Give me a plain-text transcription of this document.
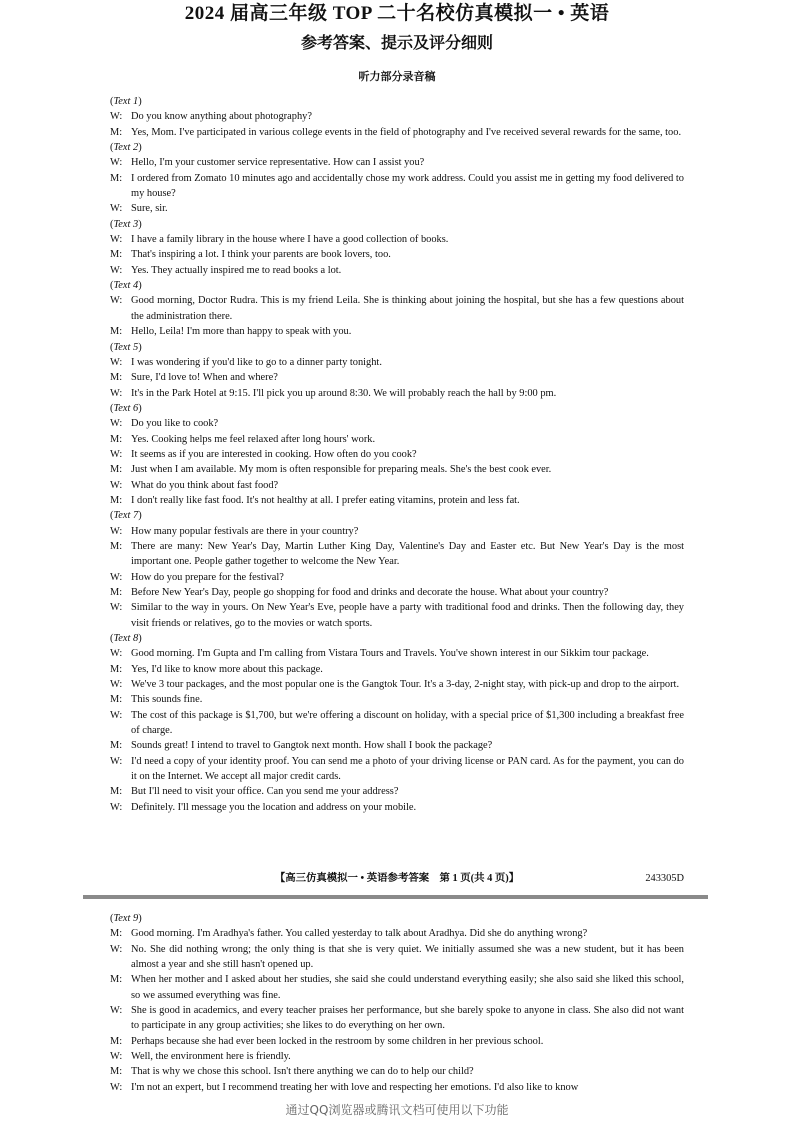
2024 届高三年级 TOP 二十名校仿真模拟一 • 英语
参考答案、提示及评分细则
听力部分录音稿
(Text 1)
W: Do you know anything about photography?
M: Yes, Mom. I've participated in various college events in the field of photography and I've received several rewards for the same, too.
(Text 2)
W: Hello, I'm your customer service representative. How can I assist you?
M: I ordered from Zomato 10 minutes ago and accidentally chose my work address. Could you assist me in getting my food delivered to my house?
W: Sure, sir.
(Text 3)
W: I have a family library in the house where I have a good collection of books.
M: That's inspiring a lot. I think your parents are book lovers, too.
W: Yes. They actually inspired me to read books a lot.
(Text 4)
W: Good morning, Doctor Rudra. This is my friend Leila. She is thinking about joining the hospital, but she has a few questions about the administration there.
M: Hello, Leila! I'm more than happy to speak with you.
(Text 5)
W: I was wondering if you'd like to go to a dinner party tonight.
M: Sure, I'd love to! When and where?
W: It's in the Park Hotel at 9:15. I'll pick you up around 8:30. We will probably reach the hall by 9:00 pm.
(Text 6)
W: Do you like to cook?
M: Yes. Cooking helps me feel relaxed after long hours' work.
W: It seems as if you are interested in cooking. How often do you cook?
M: Just when I am available. My mom is often responsible for preparing meals. She's the best cook ever.
W: What do you think about fast food?
M: I don't really like fast food. It's not healthy at all. I prefer eating vitamins, protein and less fat.
(Text 7)
W: How many popular festivals are there in your country?
M: There are many: New Year's Day, Martin Luther King Day, Valentine's Day and Easter etc. But New Year's Day is the most important one. People gather together to welcome the New Year.
W: How do you prepare for the festival?
M: Before New Year's Day, people go shopping for food and drinks and decorate the house. What about your country?
W: Similar to the way in yours. On New Year's Eve, people have a party with traditional food and drinks. Then the following day, they visit friends or relatives, go to the movies or watch sports.
(Text 8)
W: Good morning. I'm Gupta and I'm calling from Vistara Tours and Travels. You've shown interest in our Sikkim tour package.
M: Yes, I'd like to know more about this package.
W: We've 3 tour packages, and the most popular one is the Gangtok Tour. It's a 3-day, 2-night stay, with pick-up and drop to the airport.
M: This sounds fine.
W: The cost of this package is $1,700, but we're offering a discount on holiday, with a special price of $1,300 including a breakfast free of charge.
M: Sounds great! I intend to travel to Gangtok next month. How shall I book the package?
W: I'd need a copy of your identity proof. You can send me a photo of your driving license or PAN card. As for the payment, you can do it on the Internet. We accept all major credit cards.
M: But I'll need to visit your office. Can you send me your address?
W: Definitely. I'll message you the location and address on your mobile.
【高三仿真模拟一 • 英语参考答案　第 1 页(共 4 页)】	243305D
(Text 9)
M: Good morning. I'm Aradhya's father. You called yesterday to talk about Aradhya. Did she do anything wrong?
W: No. She did nothing wrong; the only thing is that she is very quiet. We initially assumed she was a new student, but it has been almost a year and she still hasn't opened up.
M: When her mother and I asked about her studies, she said she could understand everything easily; she also said she liked this school, so we assumed everything was fine.
W: She is good in academics, and every teacher praises her performance, but she barely spoke to anyone in class. She also did not want to participate in any group activities; she likes to do everything on her own.
M: Perhaps because she had ever been locked in the restroom by some children in her previous school.
W: Well, the environment here is friendly.
M: That is why we chose this school. Isn't there anything we can do to help our child?
W: I'm not an expert, but I recommend treating her with love and respecting her emotions. I'd also like to know
通过QQ浏览器或腾讯文档可使用以下功能
